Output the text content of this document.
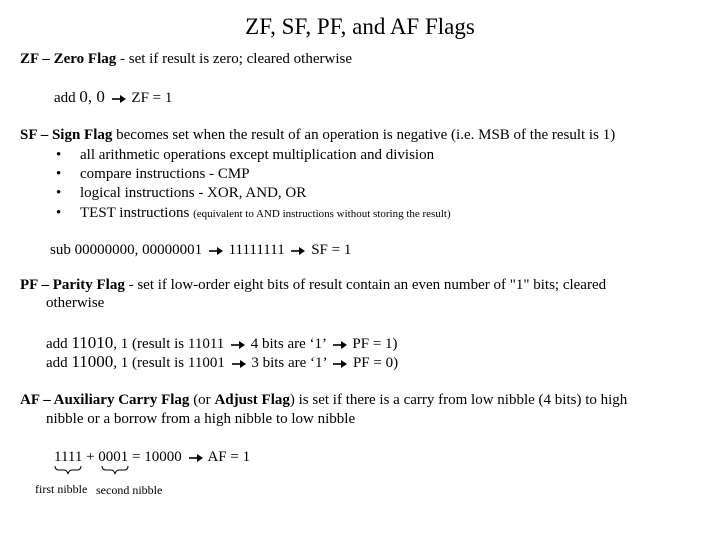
ZF, SF, PF, and AF Flags
ZF – Zero Flag - set if result is zero; cleared otherwise
add 0, 0 ZF = 1
SF – Sign Flag becomes set when the result of an operation is negative (i.e. MSB of the result is 1)
• all arithmetic operations except multiplication and division
• compare instructions - CMP
• logical instructions - XOR, AND, OR
• TEST instructions (equivalent to AND instructions without storing the result)
sub 00000000, 00000001 11111111 SF = 1
PF – Parity Flag - set if low-order eight bits of result contain an even number of "1" bits; cleared
otherwise
add 11010, 1 (result is 11011 4 bits are ‘1’ PF = 1)
add 11000, 1 (result is 11001 3 bits are ‘1’ PF = 0)
AF – Auxiliary Carry Flag (or Adjust Flag) is set if there is a carry from low nibble (4 bits) to high
nibble or a borrow from a high nibble to low nibble
1111 + 0001 = 10000 AF = 1
first nibble second nibble
